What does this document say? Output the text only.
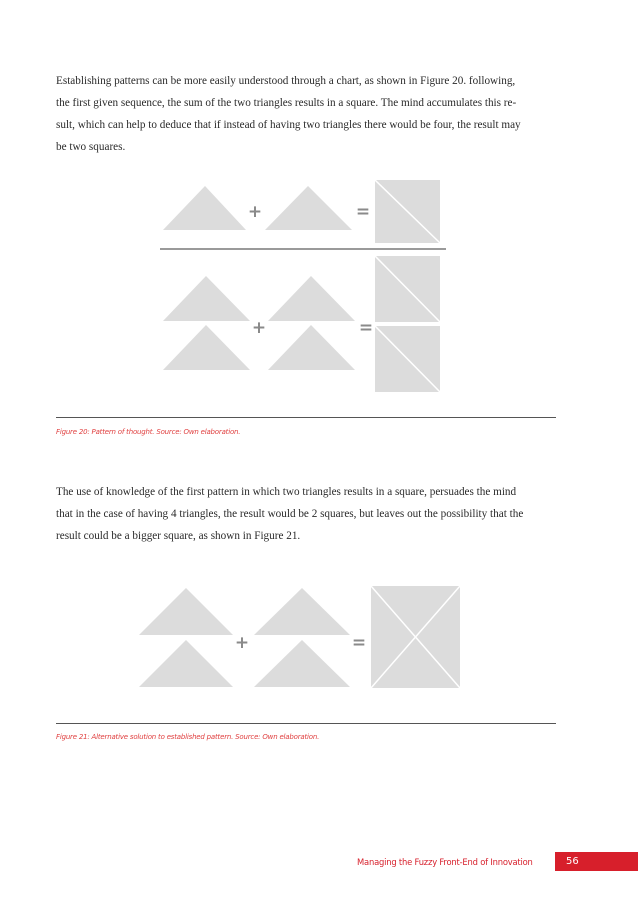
Establishing patterns can be more easily understood through a chart, as shown in Figure 20. following,
the first given sequence, the sum of the two triangles results in a square. The mind accumulates this re-
sult, which can help to deduce that if instead of having two triangles there would be four, the result may
be two squares.
+	=
+	=
Figure 20: Pattern of thought. Source: Own elaboration.
The use of knowledge of the first pattern in which two triangles results in a square, persuades the mind
that in the case of having 4 triangles, the result would be 2 squares, but leaves out the possibility that the
result could be a bigger square, as shown in Figure 21.
+	=
Figure 21: Alternative solution to established pattern. Source: Own elaboration.
Managing the Fuzzy Front-End of Innovation	56
